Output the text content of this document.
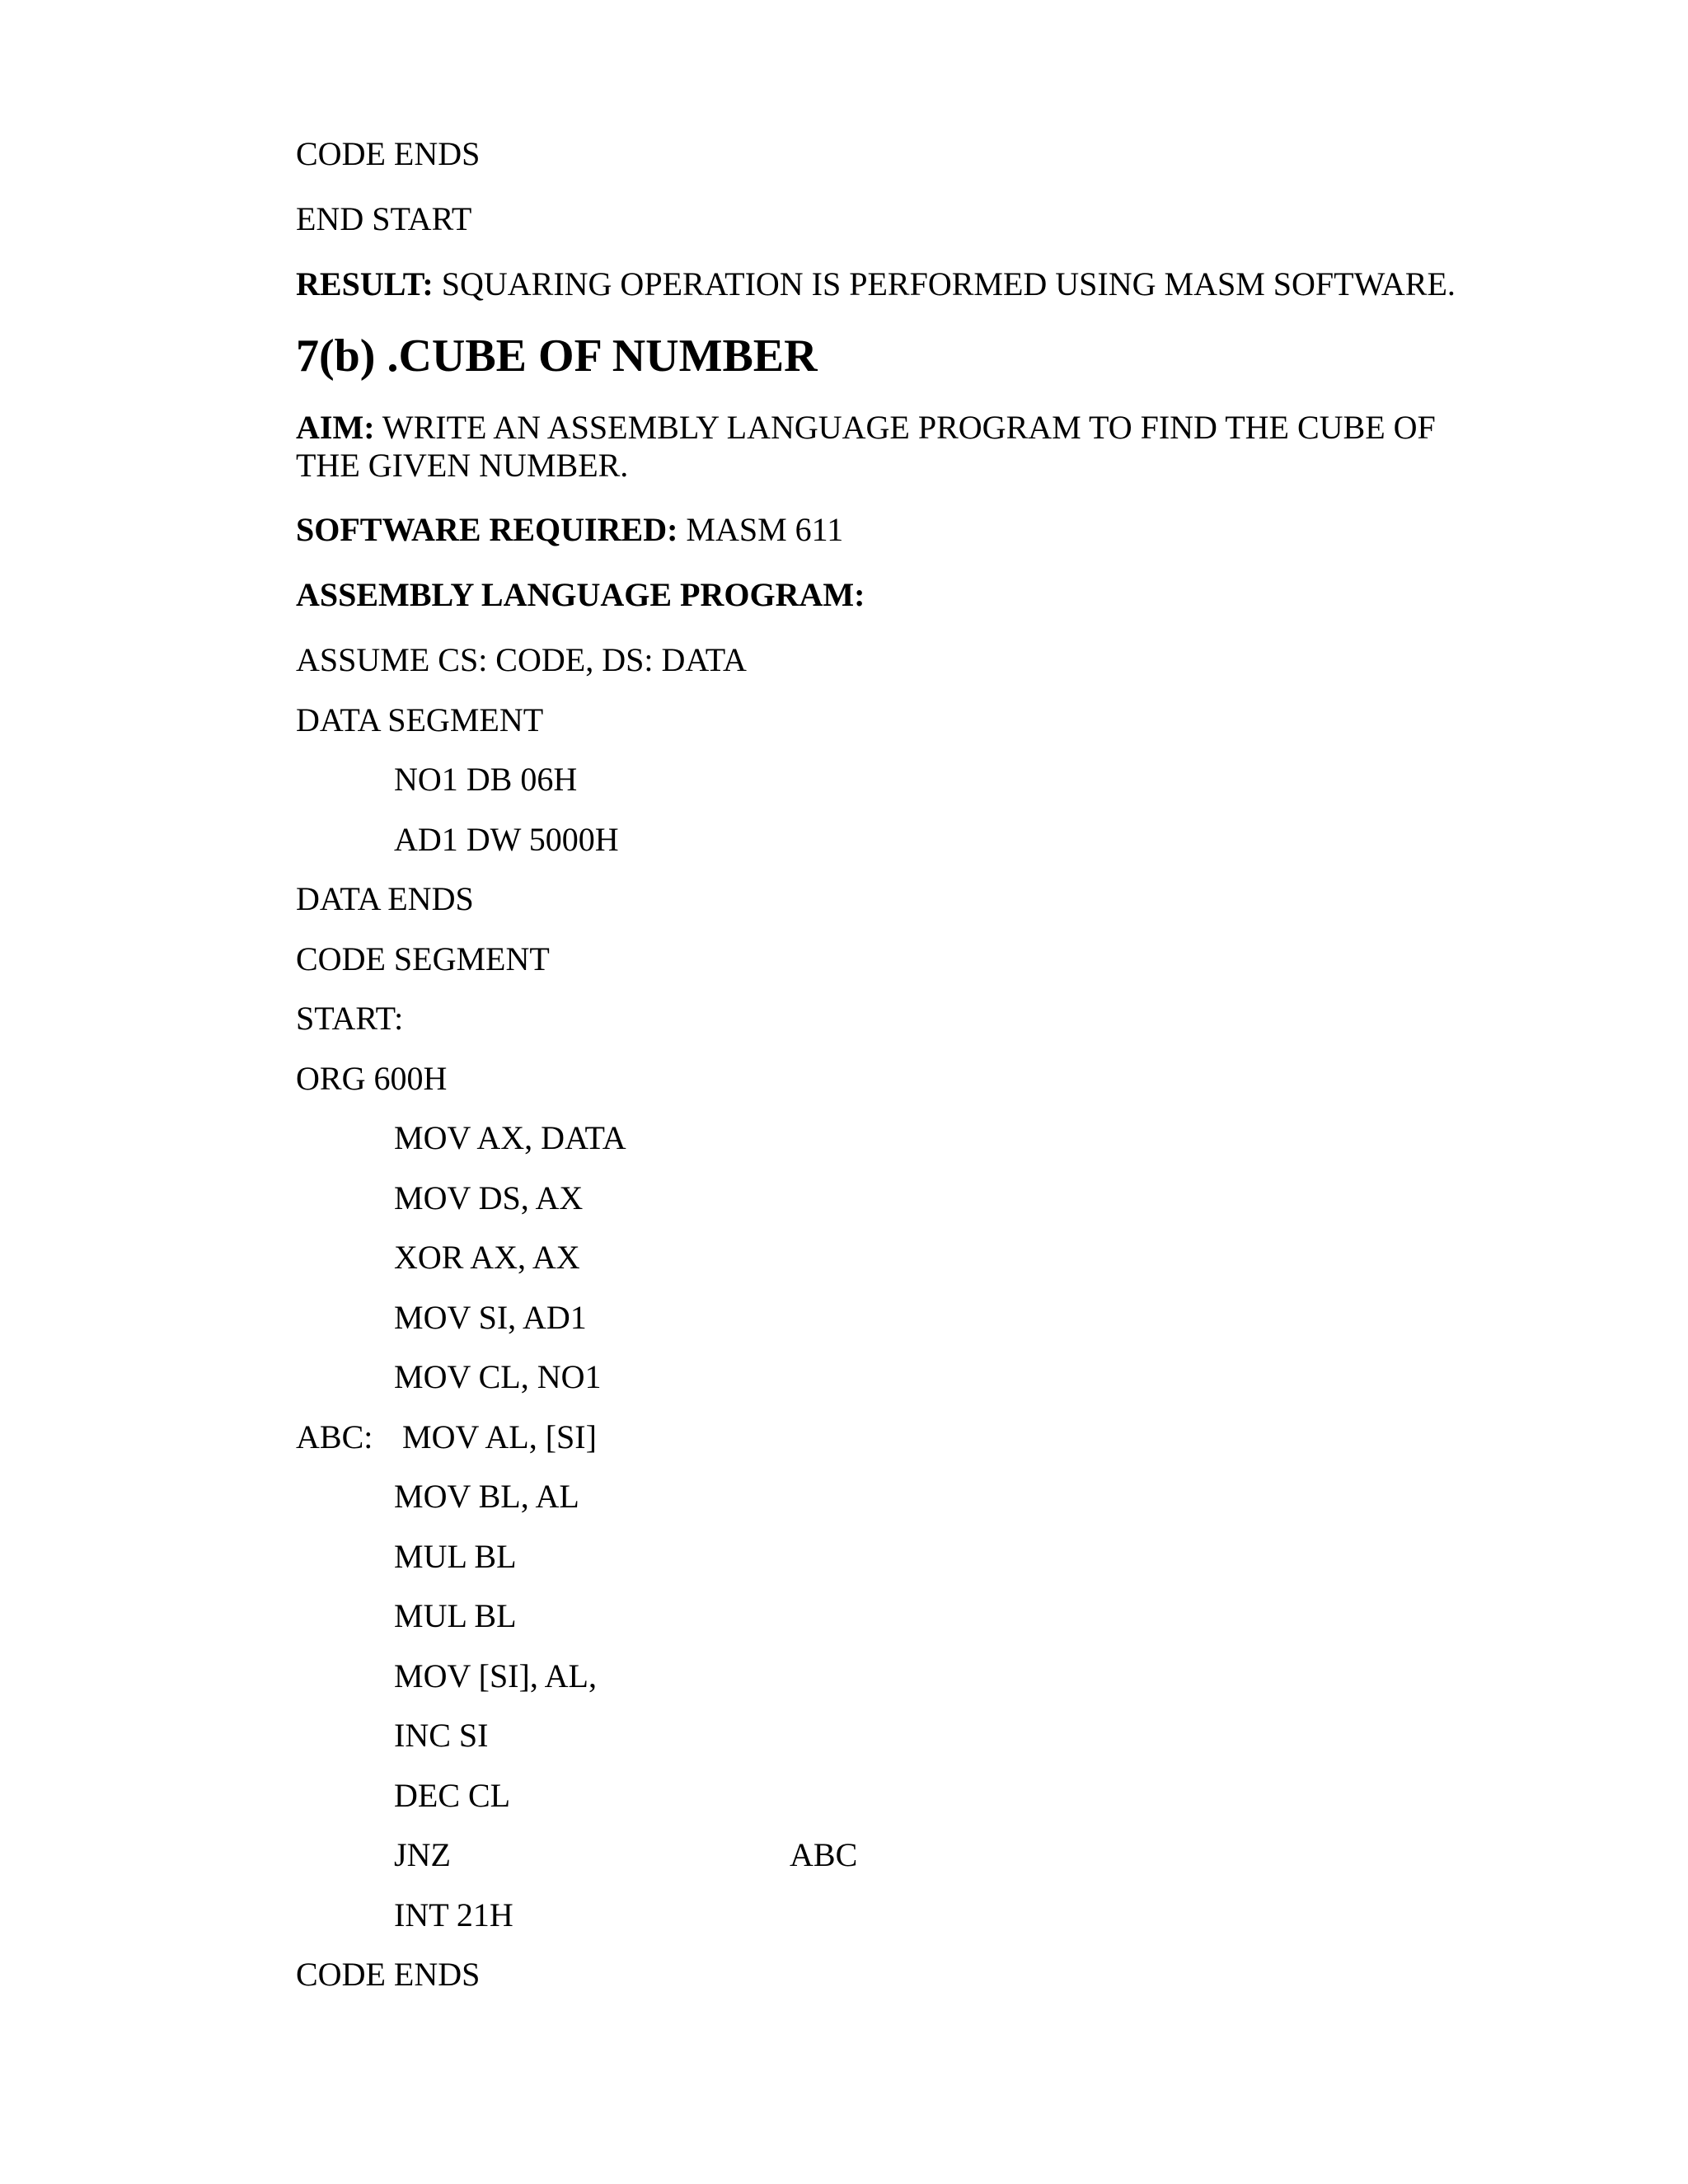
CODE ENDS
END START
RESULT: SQUARING OPERATION IS PERFORMED USING MASM SOFTWARE.
7(b) .CUBE OF NUMBER
AIM: WRITE AN ASSEMBLY LANGUAGE PROGRAM TO FIND THE CUBE OF THE GIVEN NUMBER.
SOFTWARE REQUIRED: MASM 611
ASSEMBLY LANGUAGE PROGRAM:
ASSUME CS: CODE, DS: DATA
DATA SEGMENT
NO1 DB 06H
AD1 DW 5000H
DATA ENDS
CODE SEGMENT
START:
ORG 600H
MOV AX, DATA
MOV DS, AX
XOR AX, AX
MOV SI, AD1
MOV CL, NO1
ABC: MOV AL, [SI]
MOV BL, AL
MUL BL
MUL BL
MOV [SI], AL,
INC SI
DEC CL
JNZ	ABC
INT 21H
CODE ENDS
